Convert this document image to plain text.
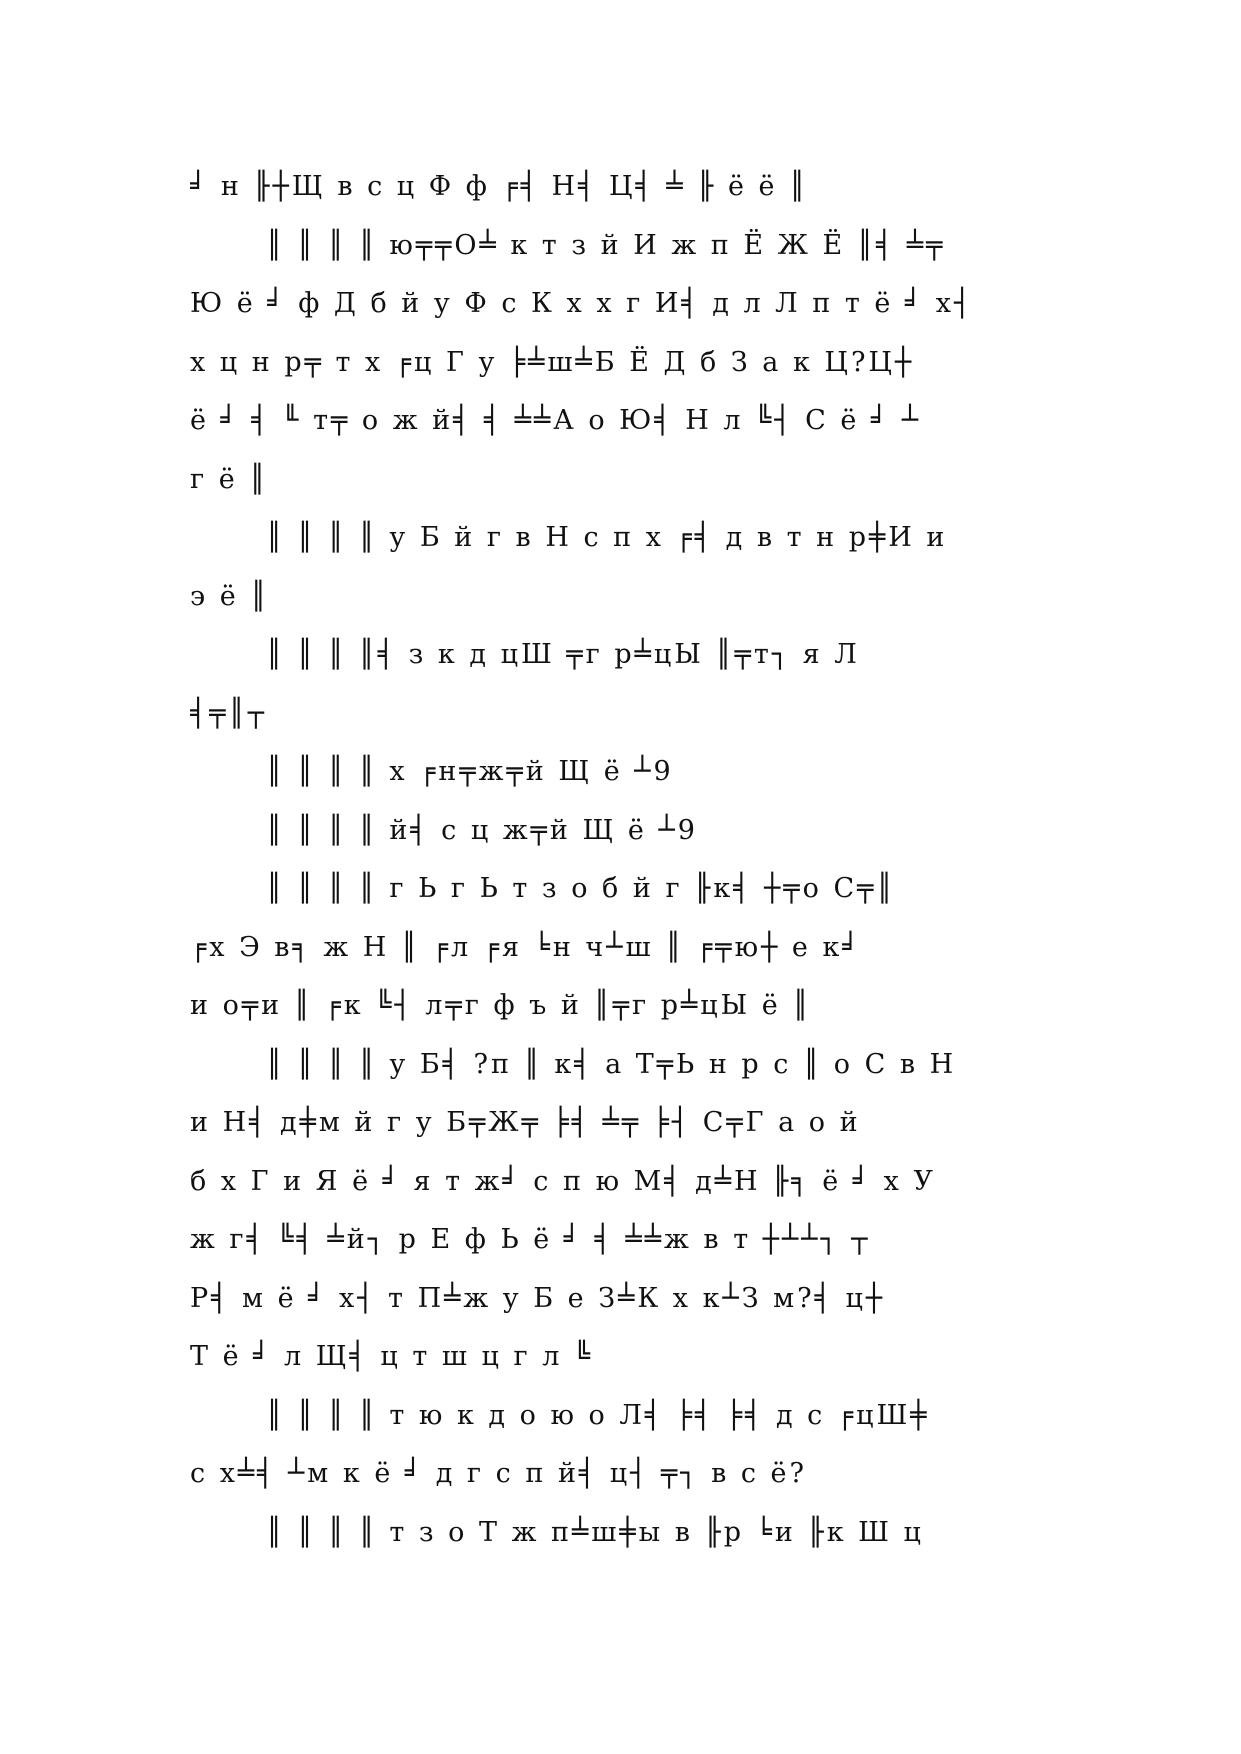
╛ н ╟┼Щ в с ц Ф ф ╒╡ Н╡ Ц╡ ╧ ╟ ё ё ║
║ ║ ║ ║ ю╤╤О╧ к т з й И ж п Ё Ж Ё ║╡ ╧╤
Ю ё ╛ ф Д б й у Ф с К х х г И╡ д л Л п т ё ╛ х┤
х ц н р╤ т х ╒ц Г у ╞╧ш╧Б Ё Д б З а к Ц?Ц┼
ё ╛ ╡ ╙ т╤ о ж й╡ ╡ ╧╧А о Ю╡ Н л ╚┤ С ё ╛ ┴
г ё ║
║ ║ ║ ║ у Б й г в Н с п х ╒╡ д в т н р╪И и
э ё ║
║ ║ ║ ║╡ з к д цШ ╤г р╧цЫ ║╤т┐ я Л
╡╤║┬
║ ║ ║ ║ х ╒н╤ж╤й Щ ё ┴9
║ ║ ║ ║ й╡ с ц ж╤й Щ ё ┴9
║ ║ ║ ║ г Ь г Ь т з о б й г ╟к╡ ┼╤о С╤║
╒х Э в╕ ж Н ║ ╒л ╒я ╘н ч┴ш ║ ╒╤ю┼ е к╛
и о╤и ║ ╒к ╚┤ л╤г ф ъ й ║╤г р╧цЫ ё ║
║ ║ ║ ║ у Б╡ ?п ║ к╡ а Т╤Ь н р с ║ о С в Н
и Н╡ д╪м й г у Б╤Ж╤ ╞╡ ╧╤ ╞┤ С╤Г а о й
б х Г и Я ё ╛ я т ж╛ с п ю М╡ д╧Н ╟╕ ё ╛ х У
ж г╡ ╚╡ ╧й┐ р Е ф Ь ё ╛ ╡ ╧╧ж в т ┼┴┴┐ ┬
Р╡ м ё ╛ х┤ т П╧ж у Б е З╧К х к┴З м?╡ ц┼
Т ё ╛ л Щ╡ ц т ш ц г л ╚
║ ║ ║ ║ т ю к д о ю о Л╡ ╞╡ ╞╡ д с ╒цШ╪
с х╧╡ ┴м к ё ╛ д г с п й╡ ц┤ ╤┐ в с ё?
║ ║ ║ ║ т з о Т ж п╧ш╪ы в ╟р ╘и ╟к Ш ц
